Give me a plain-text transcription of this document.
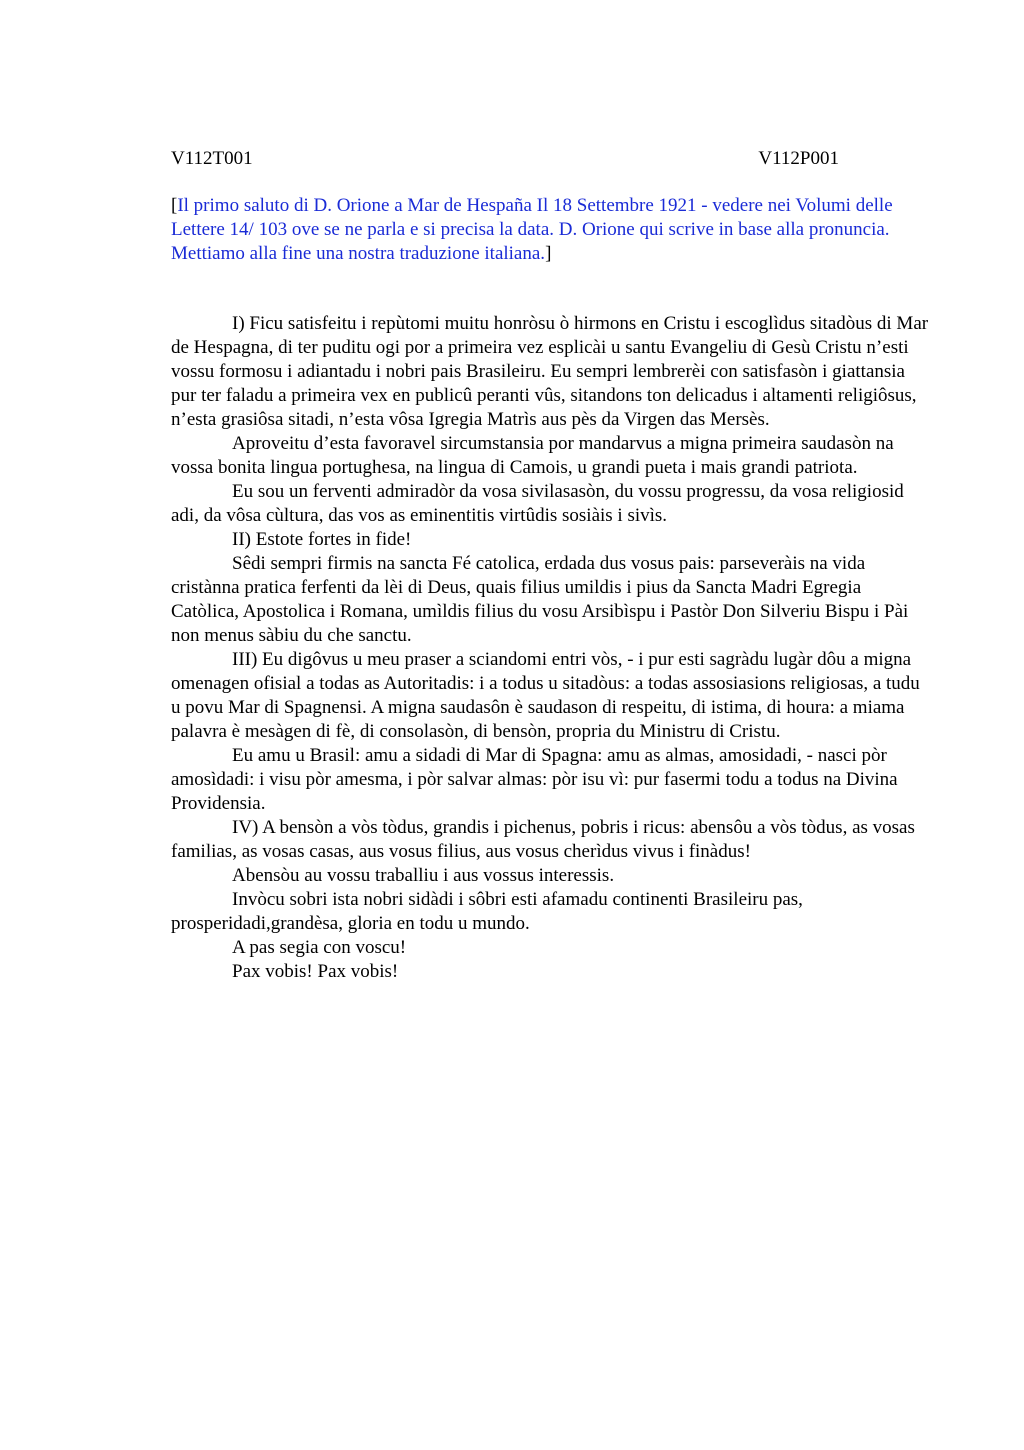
V112T001	V112P001
[Il primo saluto di D. Orione a Mar de Hespaña Il 18 Settembre 1921 - vedere nei Volumi delle Lettere 14/ 103 ove se ne parla e si precisa la data. D. Orione qui scrive in base alla pronuncia. Mettiamo alla fine una nostra traduzione italiana.]

I) Ficu satisfeitu i repùtomi muitu honròsu ò hirmons en Cristu i escoglìdus sitadòus di Mar de Hespagna, di ter puditu ogi por a primeira vez esplicài u santu Evangeliu di Gesù Cristu n’esti vossu formosu i adiantadu i nobri pais Brasileiru. Eu sempri lembrerèi con satisfasòn i giattansia pur ter faladu a primeira vex en publicû peranti vûs, sitandons ton delicadus i altamenti religiôsus, n’esta grasiôsa sitadi, n’esta vôsa Igregia Matrìs aus pès da Virgen das Mersès.

Aproveitu d’esta favoravel sircumstansia por mandarvus a migna primeira saudasòn na vossa bonita lingua portughesa, na lingua di Camois, u grandi pueta i mais grandi patriota.

Eu sou un ferventi admiradòr da vosa sivilasasòn, du vossu progressu, da vosa religiosid adi, da vôsa cùltura, das vos as eminentitis virtûdis sosiàis i sivìs.

II) Estote fortes in fide!

Sêdi sempri firmis na sancta Fé catolica, erdada dus vosus pais: parseveràis na vida cristànna pratica ferfenti da lèi di Deus, quais filius umildis i pius da Sancta Madri Egregia Catòlica, Apostolica i Romana, umìldis filius du vosu Arsibìspu i Pastòr Don Silveriu Bispu i Pài non menus sàbiu du che sanctu.

III) Eu digôvus u meu praser a sciandomi entri vòs, - i pur esti sagràdu lugàr dôu a migna omenagen ofisial a todas as Autoritadis: i a todus u sitadòus: a todas assosiasions religiosas, a tudu u povu Mar di Spagnensi. A migna saudasôn è saudason di respeitu, di istima, di houra: a miama palavra è mesàgen di fè, di consolasòn, di bensòn, propria du Ministru di Cristu.

Eu amu u Brasil: amu a sidadi di Mar di Spagna: amu as almas, amosidadi, - nasci pòr amosìdadi: i visu pòr amesma, i pòr salvar almas: pòr isu vì: pur fasermi todu a todus na Divina Providensia.

IV) A bensòn a vòs tòdus, grandis i pichenus, pobris i ricus: abensôu a vòs tòdus, as vosas familias, as vosas casas, aus vosus filius, aus vosus cherìdus vivus i finàdus!

Abensòu au vossu traballiu i aus vossus interessis.

Invòcu sobri ista nobri sidàdi i sôbri esti afamadu continenti Brasileiru pas, prosperidadi,grandèsa, gloria en todu u mundo.

A pas segia con voscu!

Pax vobis! Pax vobis!
